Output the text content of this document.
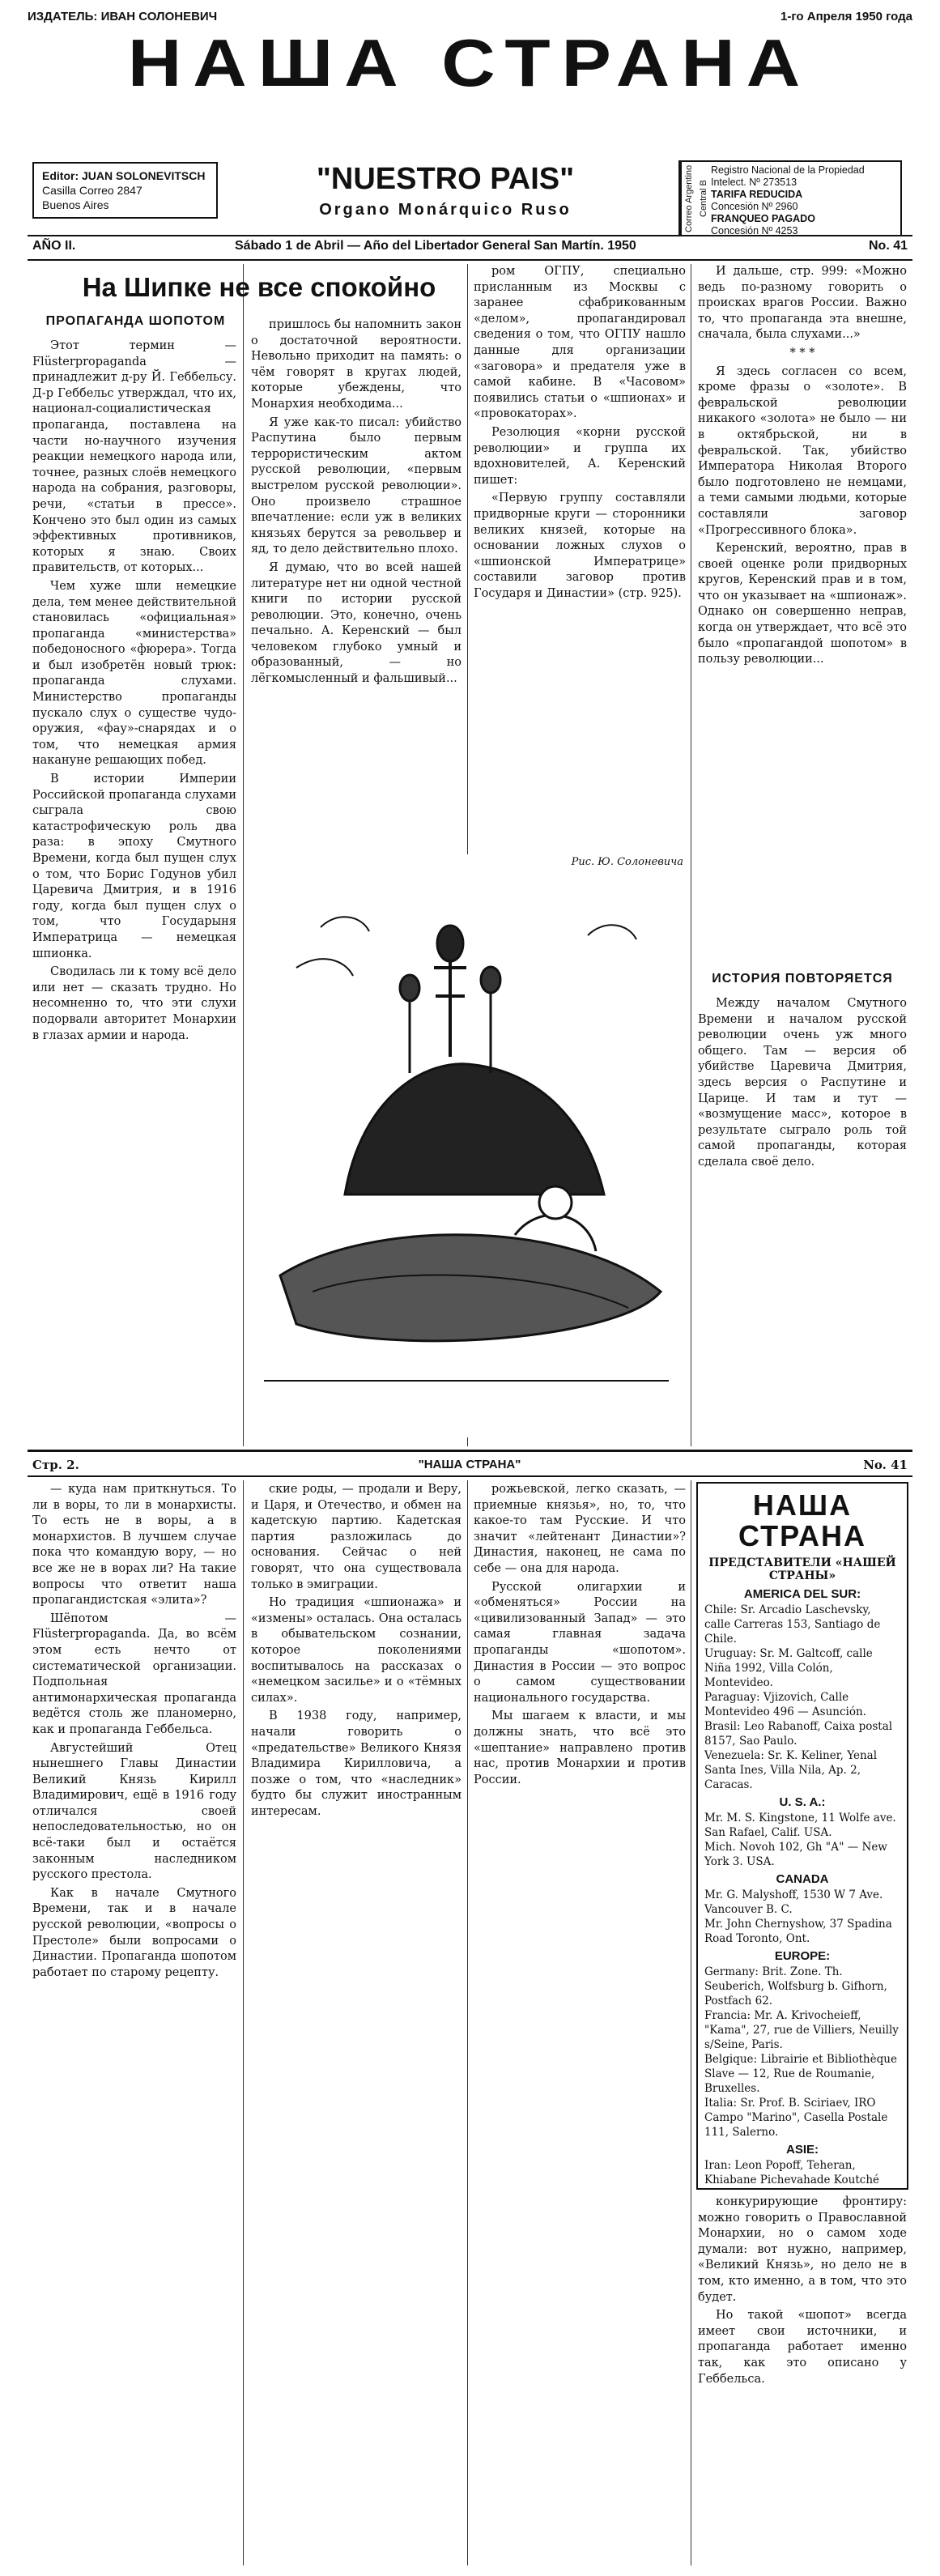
ИЗДАТЕЛЬ: ИВАН СОЛОНЕВИЧ	1-го Апреля 1950 года
НАША СТРАНА
Editor: JUAN SOLONEVITSCH
Casilla Correo 2847
Buenos Aires
"NUESTRO PAIS"
Organo Monárquico Ruso	Correo Argentino Central B
Registro Nacional de la Propiedad Intelect. Nº 273513
TARIFA REDUCIDA
Concesión Nº 2960
FRANQUEO PAGADO
Concesión Nº 4253
AÑO II.	Sábado 1 de Abril — Año del Libertador General San Martín. 1950	No. 41
На Шипке не все спокойно
ПРОПАГАНДА ШОПОТОМ

Этот термин — Flüsterpropaganda — принадлежит д-ру Й. Геббельсу. Д-р Геббельс утверждал, что их, национал-социалистическая пропаганда, поставлена на части но-научного изучения реакции немецкого народа или, точнее, разных слоёв немецкого народа на собрания, разговоры, речи, «статьи в прессе». Кончено это был один из самых эффективных противников, которых я знаю. Своих правительств, от которых...

Чем хуже шли немецкие дела, тем менее действительной становилась «официальная» пропаганда «министерства» победоносного «фюрера». Тогда и был изобретён новый трюк: пропаганда слухами. Министерство пропаганды пускало слух о существе чудо-оружия, «фау»-снарядах и о том, что немецкая армия накануне решающих побед.

В истории Империи Российской пропаганда слухами сыграла свою катастрофическую роль два раза: в эпоху Смутного Времени, когда был пущен слух о том, что Борис Годунов убил Царевича Дмитрия, и в 1916 году, когда был пущен слух о том, что Государыня Императрица — немецкая шпионка.

Сводилась ли к тому всё дело или нет — сказать трудно. Но несомненно то, что эти слухи подорвали авторитет Монархии в глазах армии и народа.

пришлось бы напомнить закон о достаточной вероятности. Невольно приходит на память: о чём говорят в кругах людей, которые убеждены, что Монархия необходима...

Я уже как-то писал: убийство Распутина было первым террористическим актом русской революции, «первым выстрелом русской революции». Оно произвело страшное впечатление: если уж в великих князьях берутся за револьвер и яд, то дело действительно плохо.

Я думаю, что во всей нашей литературе нет ни одной честной книги по истории русской революции. Это, конечно, очень печально. А. Керенский — был человеком глубоко умный и образованный, — но лёгкомысленный и фальшивый...

ром ОГПУ, специально присланным из Москвы с заранее сфабрикованным «делом», пропагандировал сведения о том, что ОГПУ нашло данные для организации «заговора» и предателя уже в самой кабине. В «Часовом» появились статьи о «шпионах» и «провокаторах».

Резолюция «корни русской революции» и группа их вдохновителей, А. Керенский пишет:

«Первую группу составляли придворные круги — сторонники великих князей, которые на основании ложных слухов о «шпионской Императрице» составили заговор против Государя и Династии» (стр. 925).

Рис. Ю. Солоневича

И дальше, стр. 999: «Можно ведь по-разному говорить о происках врагов России. Важно то, что пропаганда эта внешне, сначала, была слухами...»

* * *

Я здесь согласен со всем, кроме фразы о «золоте». В февральской революции никакого «золота» не было — ни в октябрьской, ни в февральской. Так, убийство Императора Николая Второго было подготовлено не немцами, а теми самыми людьми, которые составляли заговор «Прогрессивного блока».

Керенский, вероятно, прав в своей оценке роли придворных кругов, Керенский прав и в том, что он указывает на «шпионаж». Однако он совершенно неправ, когда он утверждает, что всё это было «пропагандой шопотом» в пользу революции...

ИСТОРИЯ ПОВТОРЯЕТСЯ

Между началом Смутного Времени и началом русской революции очень уж много общего. Там — версия об убийстве Царевича Дмитрия, здесь версия о Распутине и Царице. И там и тут — «возмущение масс», которое в результате сыграло роль той самой пропаганды, которая сделала своё дело.

Стр. 2.	"НАША СТРАНА"	No. 41

— куда нам приткнуться. То ли в воры, то ли в монархисты. То есть не в воры, а в монархистов. В лучшем случае пока что командую вору, — но все же не в ворах ли? На такие вопросы что ответит наша пропагандистская «элита»?

Шёпотом — Flüsterpropaganda. Да, во всём этом есть нечто от систематической организации. Подпольная антимонархическая пропаганда ведётся столь же планомерно, как и пропаганда Геббельса.

Августейший Отец нынешнего Главы Династии Великий Князь Кирилл Владимирович, ещё в 1916 году отличался своей непоследовательностью, но он всё-таки был и остаётся законным наследником русского престола.

Как в начале Смутного Времени, так и в начале русской революции, «вопросы о Престоле» были вопросами о Династии. Пропаганда шопотом работает по старому рецепту.

ские роды, — продали и Веру, и Царя, и Отечество, и обмен на кадетскую партию. Кадетская партия разложилась до основания. Сейчас о ней говорят, что она существовала только в эмиграции.

Но традиция «шпионажа» и «измены» осталась. Она осталась в обывательском сознании, которое поколениями воспитывалось на рассказах о «немецком засилье» и о «тёмных силах».

В 1938 году, например, начали говорить о «предательстве» Великого Князя Владимира Кирилловича, а позже о том, что «наследник» будто бы служит иностранным интересам.

рожьевской, легко сказать, — приемные князья», но, то, что какое-то там Русские. И что значит «лейтенант Династии»? Династия, наконец, не сама по себе — она для народа.

Русской олигархии и «обменяться» России на «цивилизованный Запад» — это самая главная задача пропаганды «шопотом». Династия в России — это вопрос о самом существовании национального государства.

Мы шагаем к власти, и мы должны знать, что всё это «шептание» направлено против нас, против Монархии и против России.

НАША СТРАНА
ПРЕДСТАВИТЕЛИ «НАШЕЙ СТРАНЫ»
AMERICA DEL SUR:
Chile: Sr. Arcadio Laschevsky, calle Carreras 153, Santiago de Chile.
Uruguay: Sr. M. Galtcoff, calle Niña 1992, Villa Colón, Montevideo.
Paraguay: Vjizovich, Calle Montevideo 496 — Asunción.
Brasil: Leo Rabanoff, Caixa postal 8157, Sao Paulo.
Venezuela: Sr. K. Keliner, Yenal Santa Ines, Villa Nila, Ap. 2, Caracas.
U. S. A.:
Mr. M. S. Kingstone, 11 Wolfe ave. San Rafael, Calif. USA.
Mich. Novoh 102, Gh "А" — New York 3. USA.
CANADA
Mr. G. Malyshoff, 1530 W 7 Ave. Vancouver B. C.
Mr. John Chernyshow, 37 Spadina Road Toronto, Ont.
EUROPE:
Germany: Brit. Zone. Th. Seuberich, Wolfsburg b. Gifhorn, Postfach 62.
Francia: Mr. A. Krivocheieff, "Kama", 27, rue de Villiers, Neuilly s/Seine, Paris.
Belgique: Librairie et Bibliothèque Slave — 12, Rue de Roumanie, Bruxelles.
Italia: Sr. Prof. B. Sciriaev, IRO Campo "Marino", Casella Postale 111, Salerno.
ASIE:
Iran: Leon Popoff, Teheran, Khiabane Pichevahade Koutché

конкурирующие фронтиру: можно говорить о Православной Монархии, но о самом ходе думали: вот нужно, например, «Великий Князь», но дело не в том, кто именно, а в том, что это будет.

Но такой «шопот» всегда имеет свои источники, и пропаганда работает именно так, как это описано у Геббельса.
